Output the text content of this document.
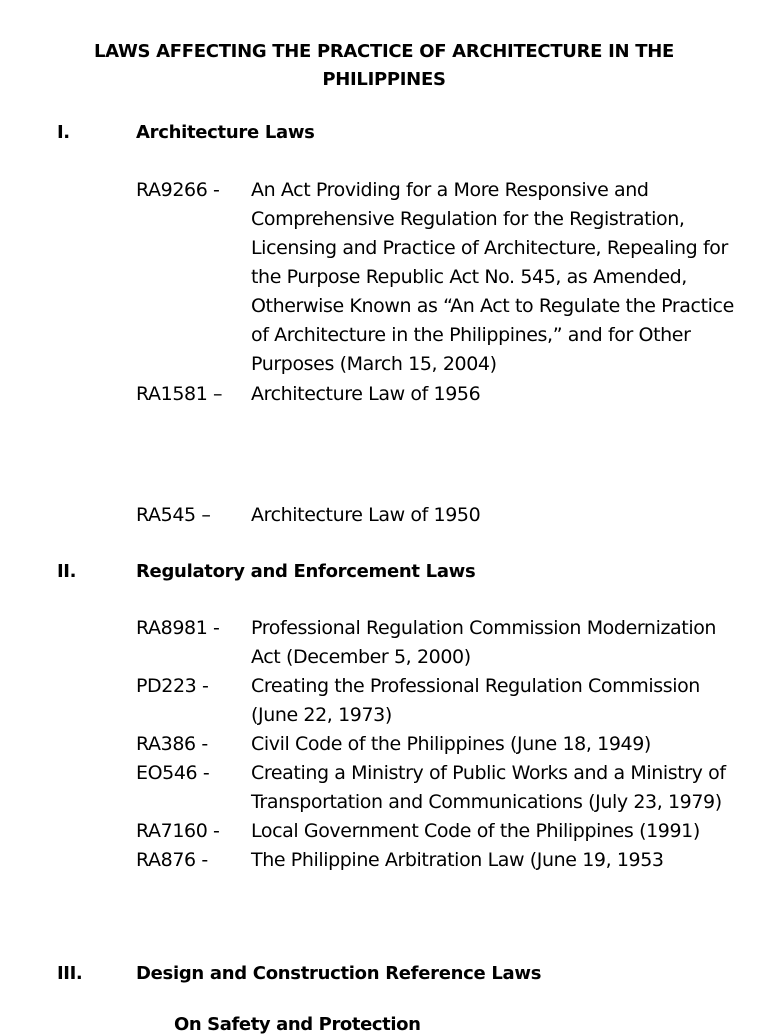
LAWS AFFECTING THE PRACTICE OF ARCHITECTURE IN THE
PHILIPPINES
I.	Architecture Laws
RA9266 -	An Act Providing for a More Responsive and Comprehensive Regulation for the Registration, Licensing and Practice of Architecture, Repealing for the Purpose Republic Act No. 545, as Amended, Otherwise Known as “An Act to Regulate the Practice of Architecture in the Philippines,” and for Other Purposes (March 15, 2004)
RA1581 –	Architecture Law of 1956
RA545 –	Architecture Law of 1950
II.	Regulatory and Enforcement Laws
RA8981 -	Professional Regulation Commission Modernization Act (December 5, 2000)
PD223 -	Creating the Professional Regulation Commission (June 22, 1973)
RA386 -	Civil Code of the Philippines (June 18, 1949)
EO546 -	Creating a Ministry of Public Works and a Ministry of Transportation and Communications (July 23, 1979)
RA7160 -	Local Government Code of the Philippines (1991)
RA876 -	The Philippine Arbitration Law (June 19, 1953
III.	Design and Construction Reference Laws
On Safety and Protection
